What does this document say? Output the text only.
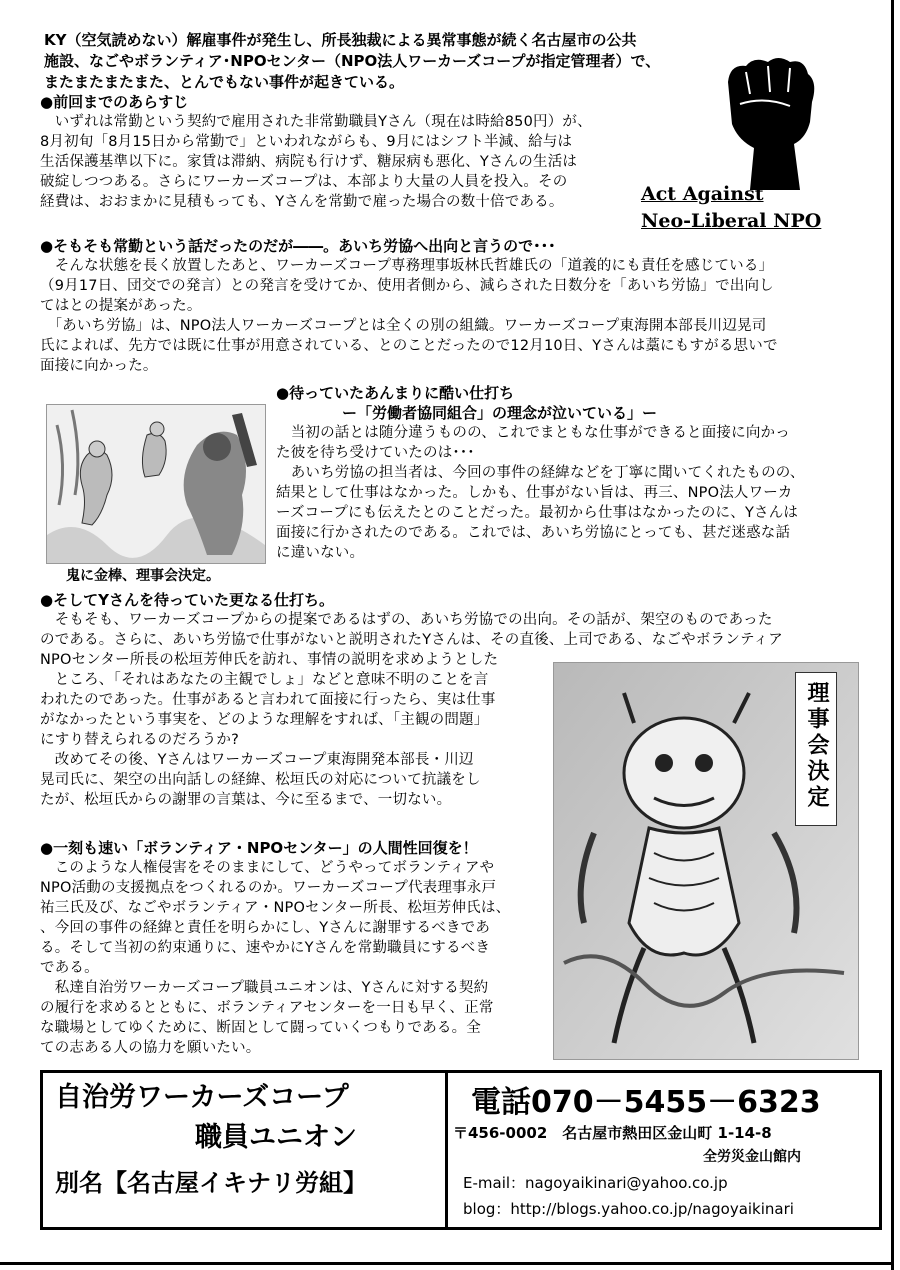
KY（空気読めない）解雇事件が発生し、所長独裁による異常事態が続く名古屋市の公共

施設、なごやボランティア･NPOセンター（NPO法人ワーカーズコープが指定管理者）で、

またまたまたまた、とんでもない事件が起きている。

Act Against

Neo-Liberal NPO

●前回までのあらすじ

　いずれは常勤という契約で雇用された非常勤職員Yさん（現在は時給850円）が、

8月初旬「8月15日から常勤で」といわれながらも、9月にはシフト半減、給与は

生活保護基準以下に。家賃は滞納、病院も行けず、糖尿病も悪化、Yさんの生活は

破綻しつつある。さらにワーカーズコープは、本部より大量の人員を投入。その

経費は、おおまかに見積もっても、Yさんを常勤で雇った場合の数十倍である。

●そもそも常勤という話だったのだが――。あいち労協へ出向と言うので･･･

　そんな状態を長く放置したあと、ワーカーズコープ専務理事坂林氏哲雄氏の「道義的にも責任を感じている」

（9月17日、団交での発言）との発言を受けてか、使用者側から、減らされた日数分を「あいち労協」で出向し

てはとの提案があった。

　「あいち労協」は、NPO法人ワーカーズコープとは全くの別の組織。ワーカーズコープ東海開本部長川辺晃司

氏によれば、先方では既に仕事が用意されている、とのことだったので12月10日、Yさんは藁にもすがる思いで

面接に向かった。

鬼に金棒、理事会決定。

●待っていたあんまりに酷い仕打ち

ー「労働者協同組合」の理念が泣いている」ー

　当初の話とは随分違うものの、これでまともな仕事ができると面接に向かっ

た彼を待ち受けていたのは･･･

　あいち労協の担当者は、今回の事件の経緯などを丁寧に聞いてくれたものの、

結果として仕事はなかった。しかも、仕事がない旨は、再三、NPO法人ワーカ

ーズコープにも伝えたとのことだった。最初から仕事はなかったのに、Yさんは

面接に行かされたのである。これでは、あいち労協にとっても、甚だ迷惑な話

に違いない。

●そしてYさんを待っていた更なる仕打ち。

　そもそも、ワーカーズコープからの提案であるはずの、あいち労協での出向。その話が、架空のものであった

のである。さらに、あいち労協で仕事がないと説明されたYさんは、その直後、上司である、なごやボランティア

NPOセンター所長の松垣芳伸氏を訪れ、事情の説明を求めようとした

　ところ、「それはあなたの主観でしょ」などと意味不明のことを言

われたのであった。仕事があると言われて面接に行ったら、実は仕事

がなかったという事実を、どのような理解をすれば、「主観の問題」

にすり替えられるのだろうか?

　改めてその後、Yさんはワーカーズコープ東海開発本部長・川辺

晃司氏に、架空の出向話しの経緯、松垣氏の対応について抗議をし

たが、松垣氏からの謝罪の言葉は、今に至るまで、一切ない。	理事会決定

●一刻も速い「ボランティア・NPOセンター」の人間性回復を！

　このような人権侵害をそのままにして、どうやってボランティアや

NPO活動の支援拠点をつくれるのか。ワーカーズコープ代表理事永戸

祐三氏及び、なごやボランティア・NPOセンター所長、松垣芳伸氏は、

、今回の事件の経緯と責任を明らかにし、Yさんに謝罪するべきであ

る。そして当初の約束通りに、速やかにYさんを常勤職員にするべき

である。

　私達自治労ワーカーズコープ職員ユニオンは、Yさんに対する契約

の履行を求めるとともに、ボランティアセンターを一日も早く、正常

な職場としてゆくために、断固として闘っていくつもりである。全

ての志ある人の協力を願いたい。

自治労ワーカーズコープ

職員ユニオン

別名【名古屋イキナリ労組】

電話070－5455－6323

〒456-0002　名古屋市熱田区金山町 1-14-8

全労災金山館内

E-mail：nagoyaikinari@yahoo.co.jp

blog：http://blogs.yahoo.co.jp/nagoyaikinari
